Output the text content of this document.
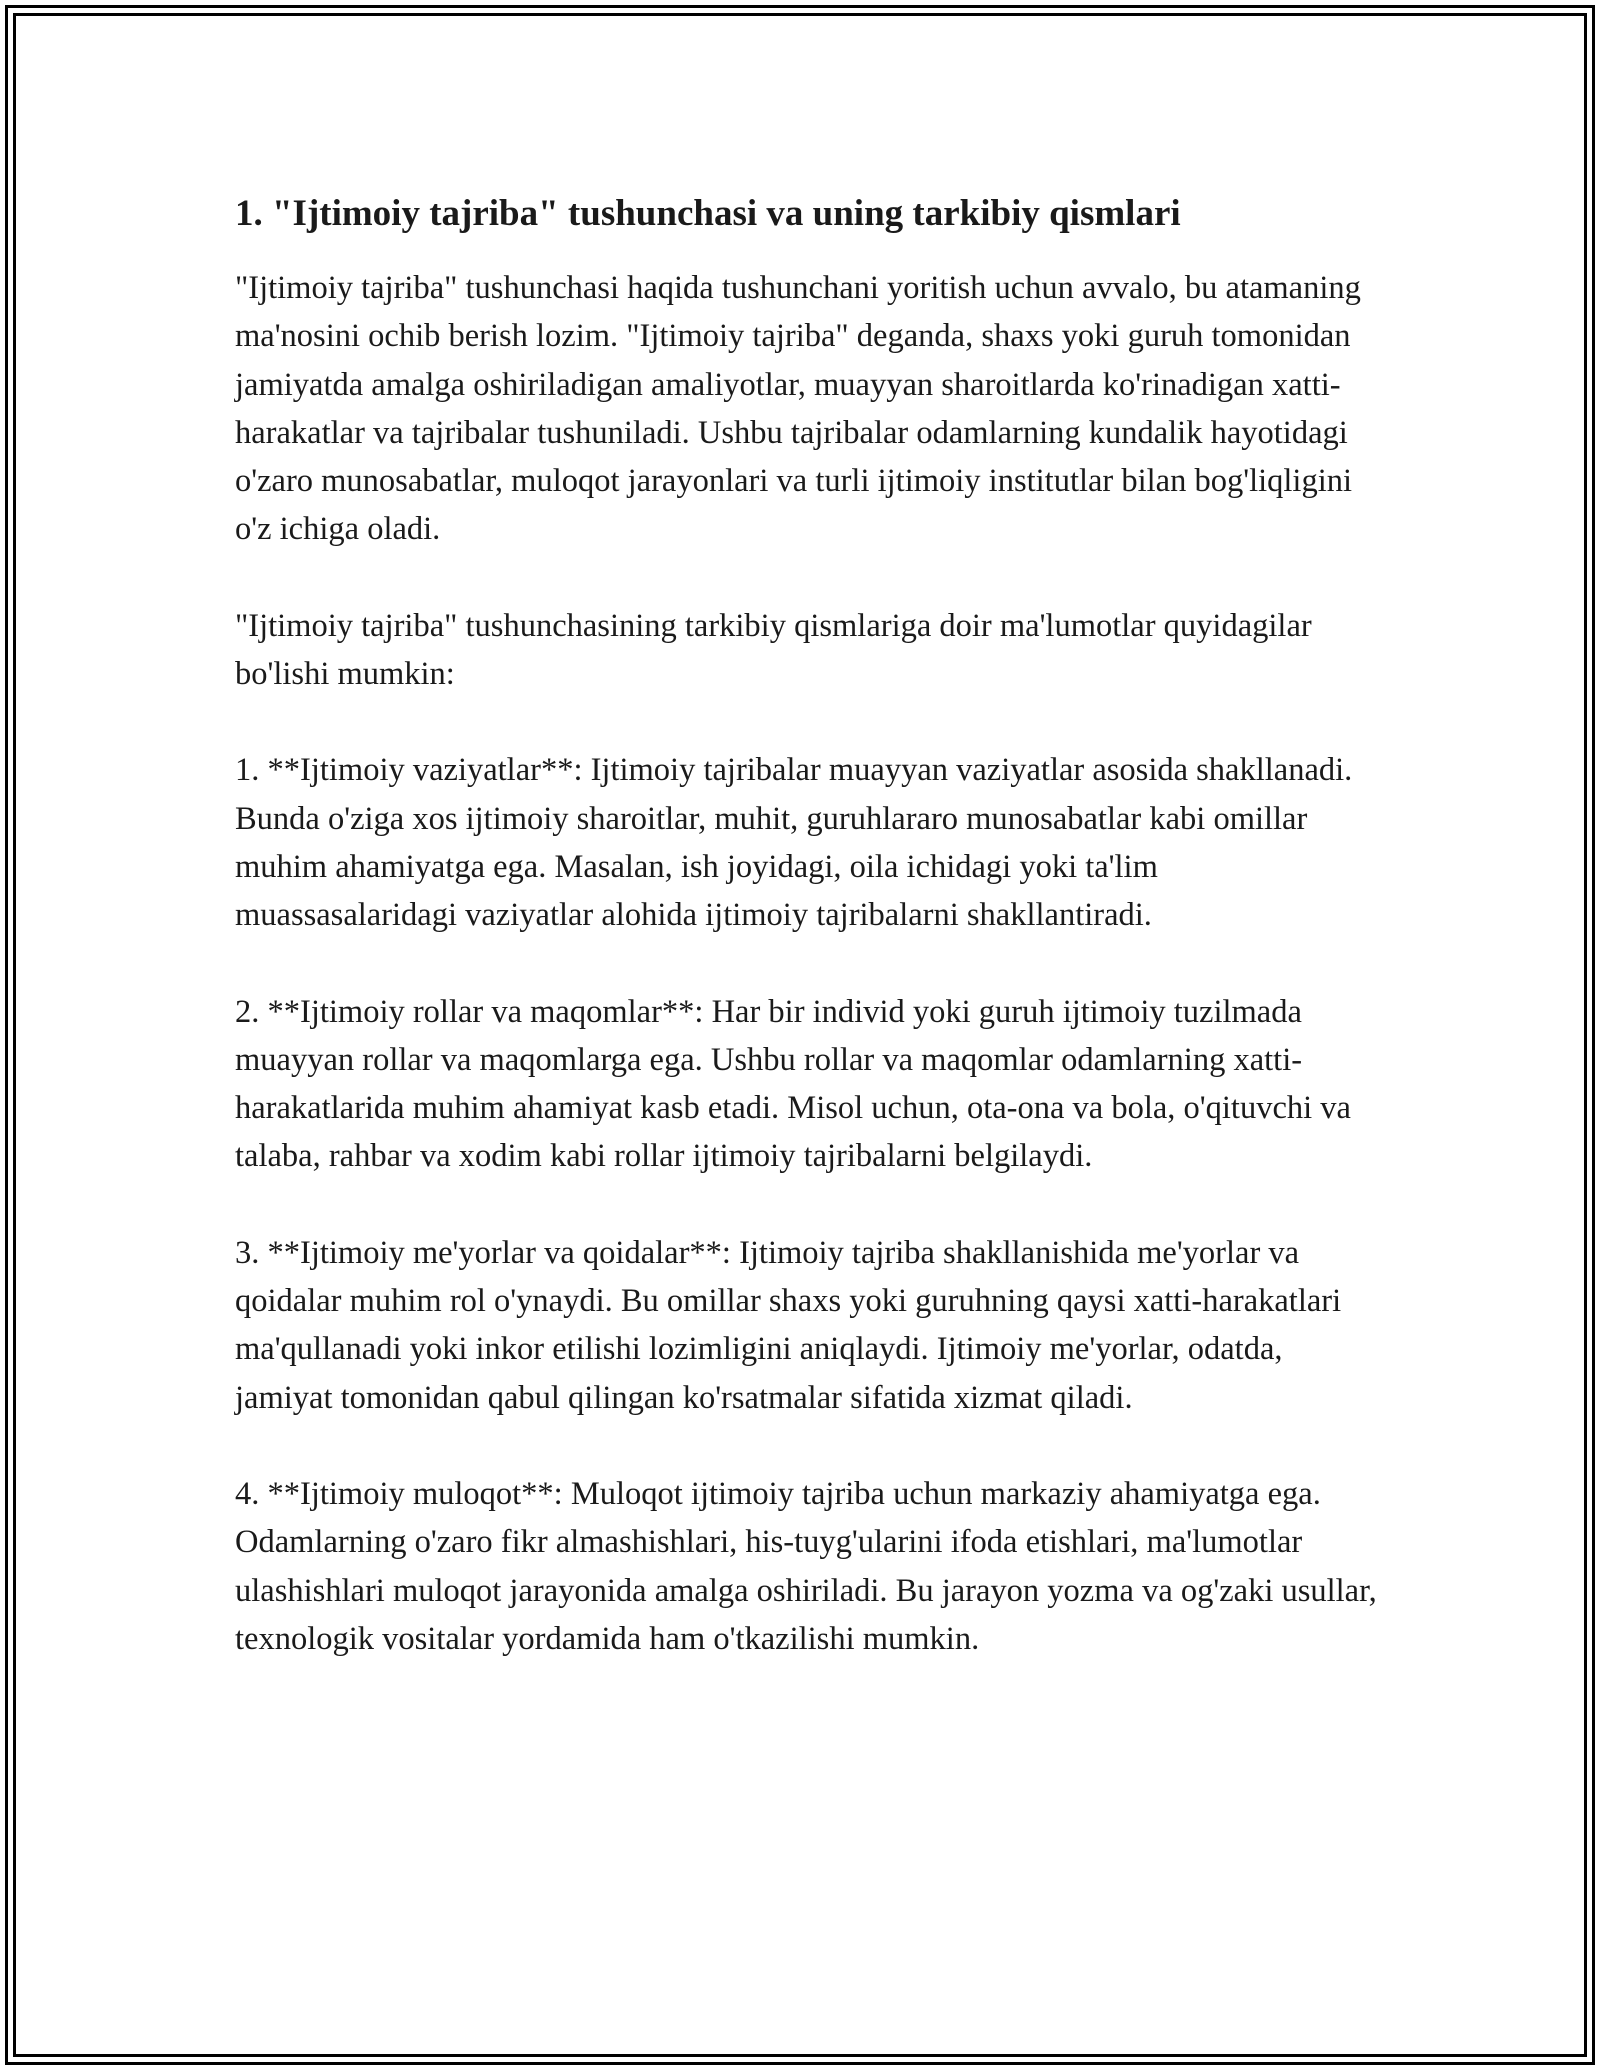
1. "Ijtimoiy tajriba" tushunchasi va uning tarkibiy qismlari

"Ijtimoiy tajriba" tushunchasi haqida tushunchani yoritish uchun avvalo, bu atamaning ma'nosini ochib berish lozim. "Ijtimoiy tajriba" deganda, shaxs yoki guruh tomonidan jamiyatda amalga oshiriladigan amaliyotlar, muayyan sharoitlarda ko'rinadigan xatti-harakatlar va tajribalar tushuniladi. Ushbu tajribalar odamlarning kundalik hayotidagi o'zaro munosabatlar, muloqot jarayonlari va turli ijtimoiy institutlar bilan bog'liqligini o'z ichiga oladi.

"Ijtimoiy tajriba" tushunchasining tarkibiy qismlariga doir ma'lumotlar quyidagilar bo'lishi mumkin:

1. **Ijtimoiy vaziyatlar**: Ijtimoiy tajribalar muayyan vaziyatlar asosida shakllanadi. Bunda o'ziga xos ijtimoiy sharoitlar, muhit, guruhlararo munosabatlar kabi omillar muhim ahamiyatga ega. Masalan, ish joyidagi, oila ichidagi yoki ta'lim muassasalaridagi vaziyatlar alohida ijtimoiy tajribalarni shakllantiradi.

2. **Ijtimoiy rollar va maqomlar**: Har bir individ yoki guruh ijtimoiy tuzilmada muayyan rollar va maqomlarga ega. Ushbu rollar va maqomlar odamlarning xatti-harakatlarida muhim ahamiyat kasb etadi. Misol uchun, ota-ona va bola, o'qituvchi va talaba, rahbar va xodim kabi rollar ijtimoiy tajribalarni belgilaydi.

3. **Ijtimoiy me'yorlar va qoidalar**: Ijtimoiy tajriba shakllanishida me'yorlar va qoidalar muhim rol o'ynaydi. Bu omillar shaxs yoki guruhning qaysi xatti-harakatlari ma'qullanadi yoki inkor etilishi lozimligini aniqlaydi. Ijtimoiy me'yorlar, odatda, jamiyat tomonidan qabul qilingan ko'rsatmalar sifatida xizmat qiladi.

4. **Ijtimoiy muloqot**: Muloqot ijtimoiy tajriba uchun markaziy ahamiyatga ega. Odamlarning o'zaro fikr almashishlari, his-tuyg'ularini ifoda etishlari, ma'lumotlar ulashishlari muloqot jarayonida amalga oshiriladi. Bu jarayon yozma va og'zaki usullar, texnologik vositalar yordamida ham o'tkazilishi mumkin.
